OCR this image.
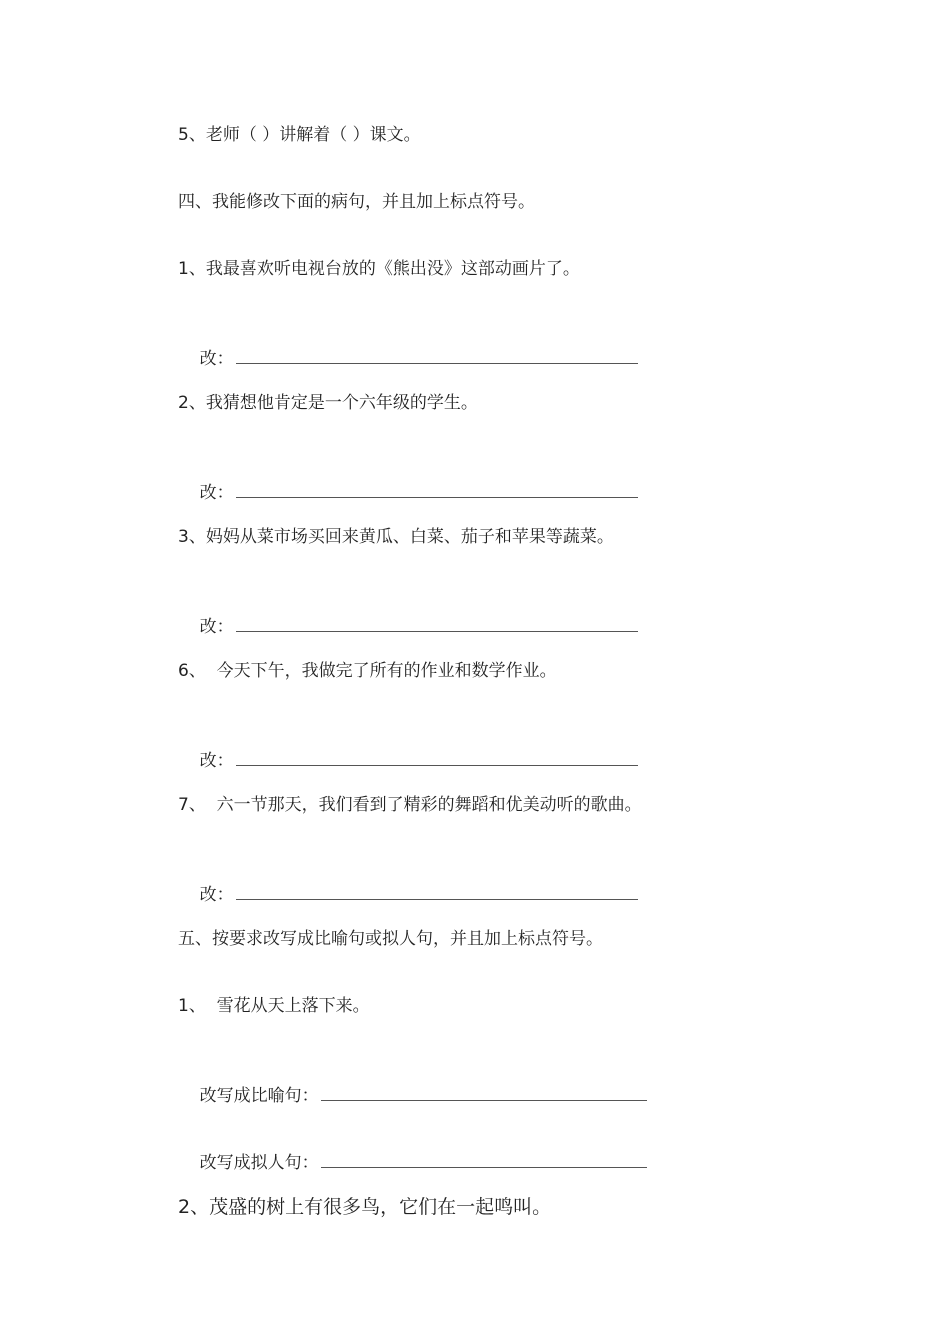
5、老师（ ）讲解着（ ）课文。
四、我能修改下面的病句，并且加上标点符号。
1、我最喜欢听电视台放的《熊出没》这部动画片了。

改：

2、我猜想他肯定是一个六年级的学生。

改：

3、妈妈从菜市场买回来黄瓜、白菜、茄子和苹果等蔬菜。

改：

6、  今天下午，我做完了所有的作业和数学作业。

改：

7、  六一节那天，我们看到了精彩的舞蹈和优美动听的歌曲。

改：

五、按要求改写成比喻句或拟人句，并且加上标点符号。
1、  雪花从天上落下来。

改写成比喻句：

改写成拟人句：

2、茂盛的树上有很多鸟，它们在一起鸣叫。
